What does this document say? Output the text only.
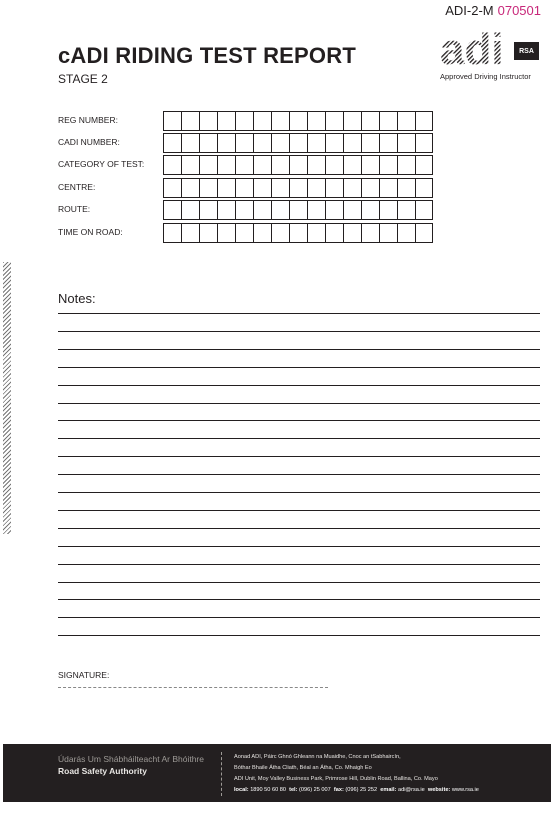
ADI-2-M 070501
cADI RIDING TEST REPORT
STAGE 2
adi	RSA
Approved Driving Instructor
REG NUMBER:
CADI NUMBER:
CATEGORY OF TEST:
CENTRE:
ROUTE:
TIME ON ROAD:
Notes:
SIGNATURE:
Údarás Um Shábháilteacht Ar Bhóithre
Road Safety Authority
Aonad ADI, Páirc Ghnó Ghleann na Muaidhe, Cnoc an tSabhaircín,
Bóthar Bhaile Átha Cliath, Béal an Átha, Co. Mhaigh Eo
ADI Unit, Moy Valley Business Park, Primrose Hill, Dublin Road, Ballina, Co. Mayo
local: 1890 50 60 80 tel: (096) 25 007 fax: (096) 25 252 email: adi@rsa.ie website: www.rsa.ie
